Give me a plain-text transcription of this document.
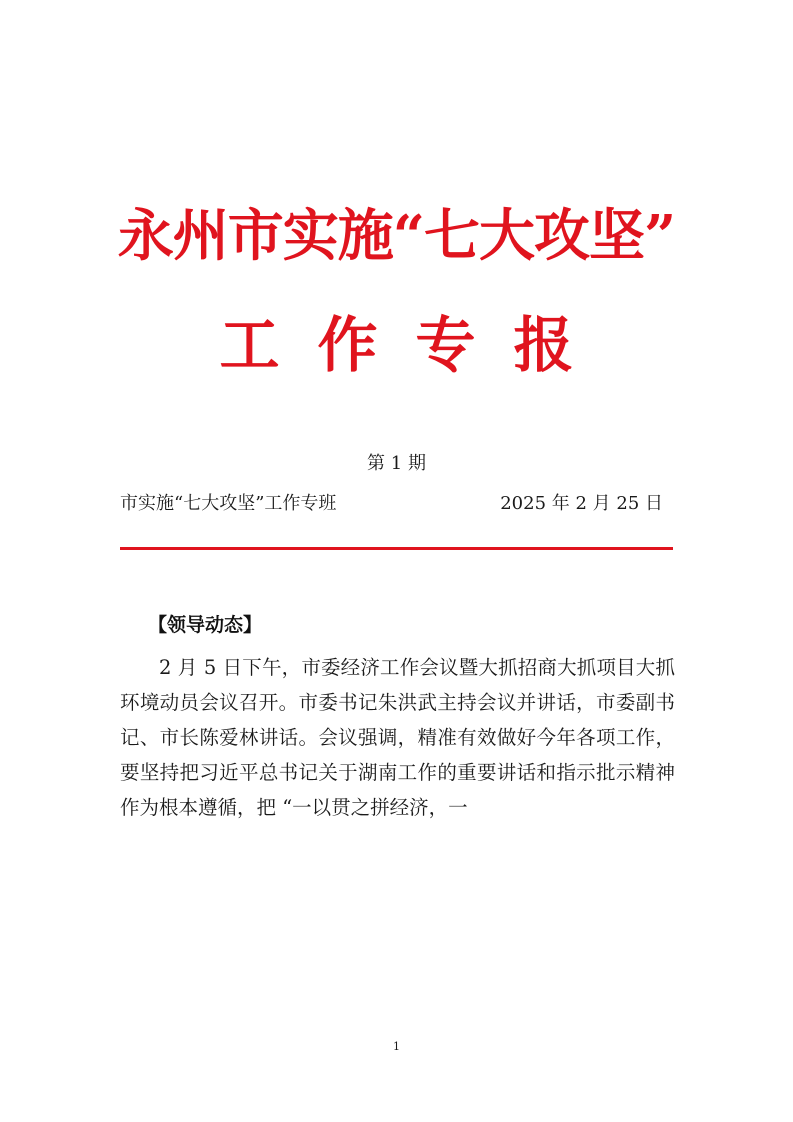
永州市实施“七大攻坚”
工作专报
第 1 期
市实施“七大攻坚”工作专班	2025 年 2 月 25 日
【领导动态】

2 月 5 日下午，市委经济工作会议暨大抓招商大抓项目大抓环境动员会议召开。市委书记朱洪武主持会议并讲话，市委副书记、市长陈爱林讲话。会议强调，精准有效做好今年各项工作，要坚持把习近平总书记关于湖南工作的重要讲话和指示批示精神作为根本遵循，把 “一以贯之拼经济，一

1
